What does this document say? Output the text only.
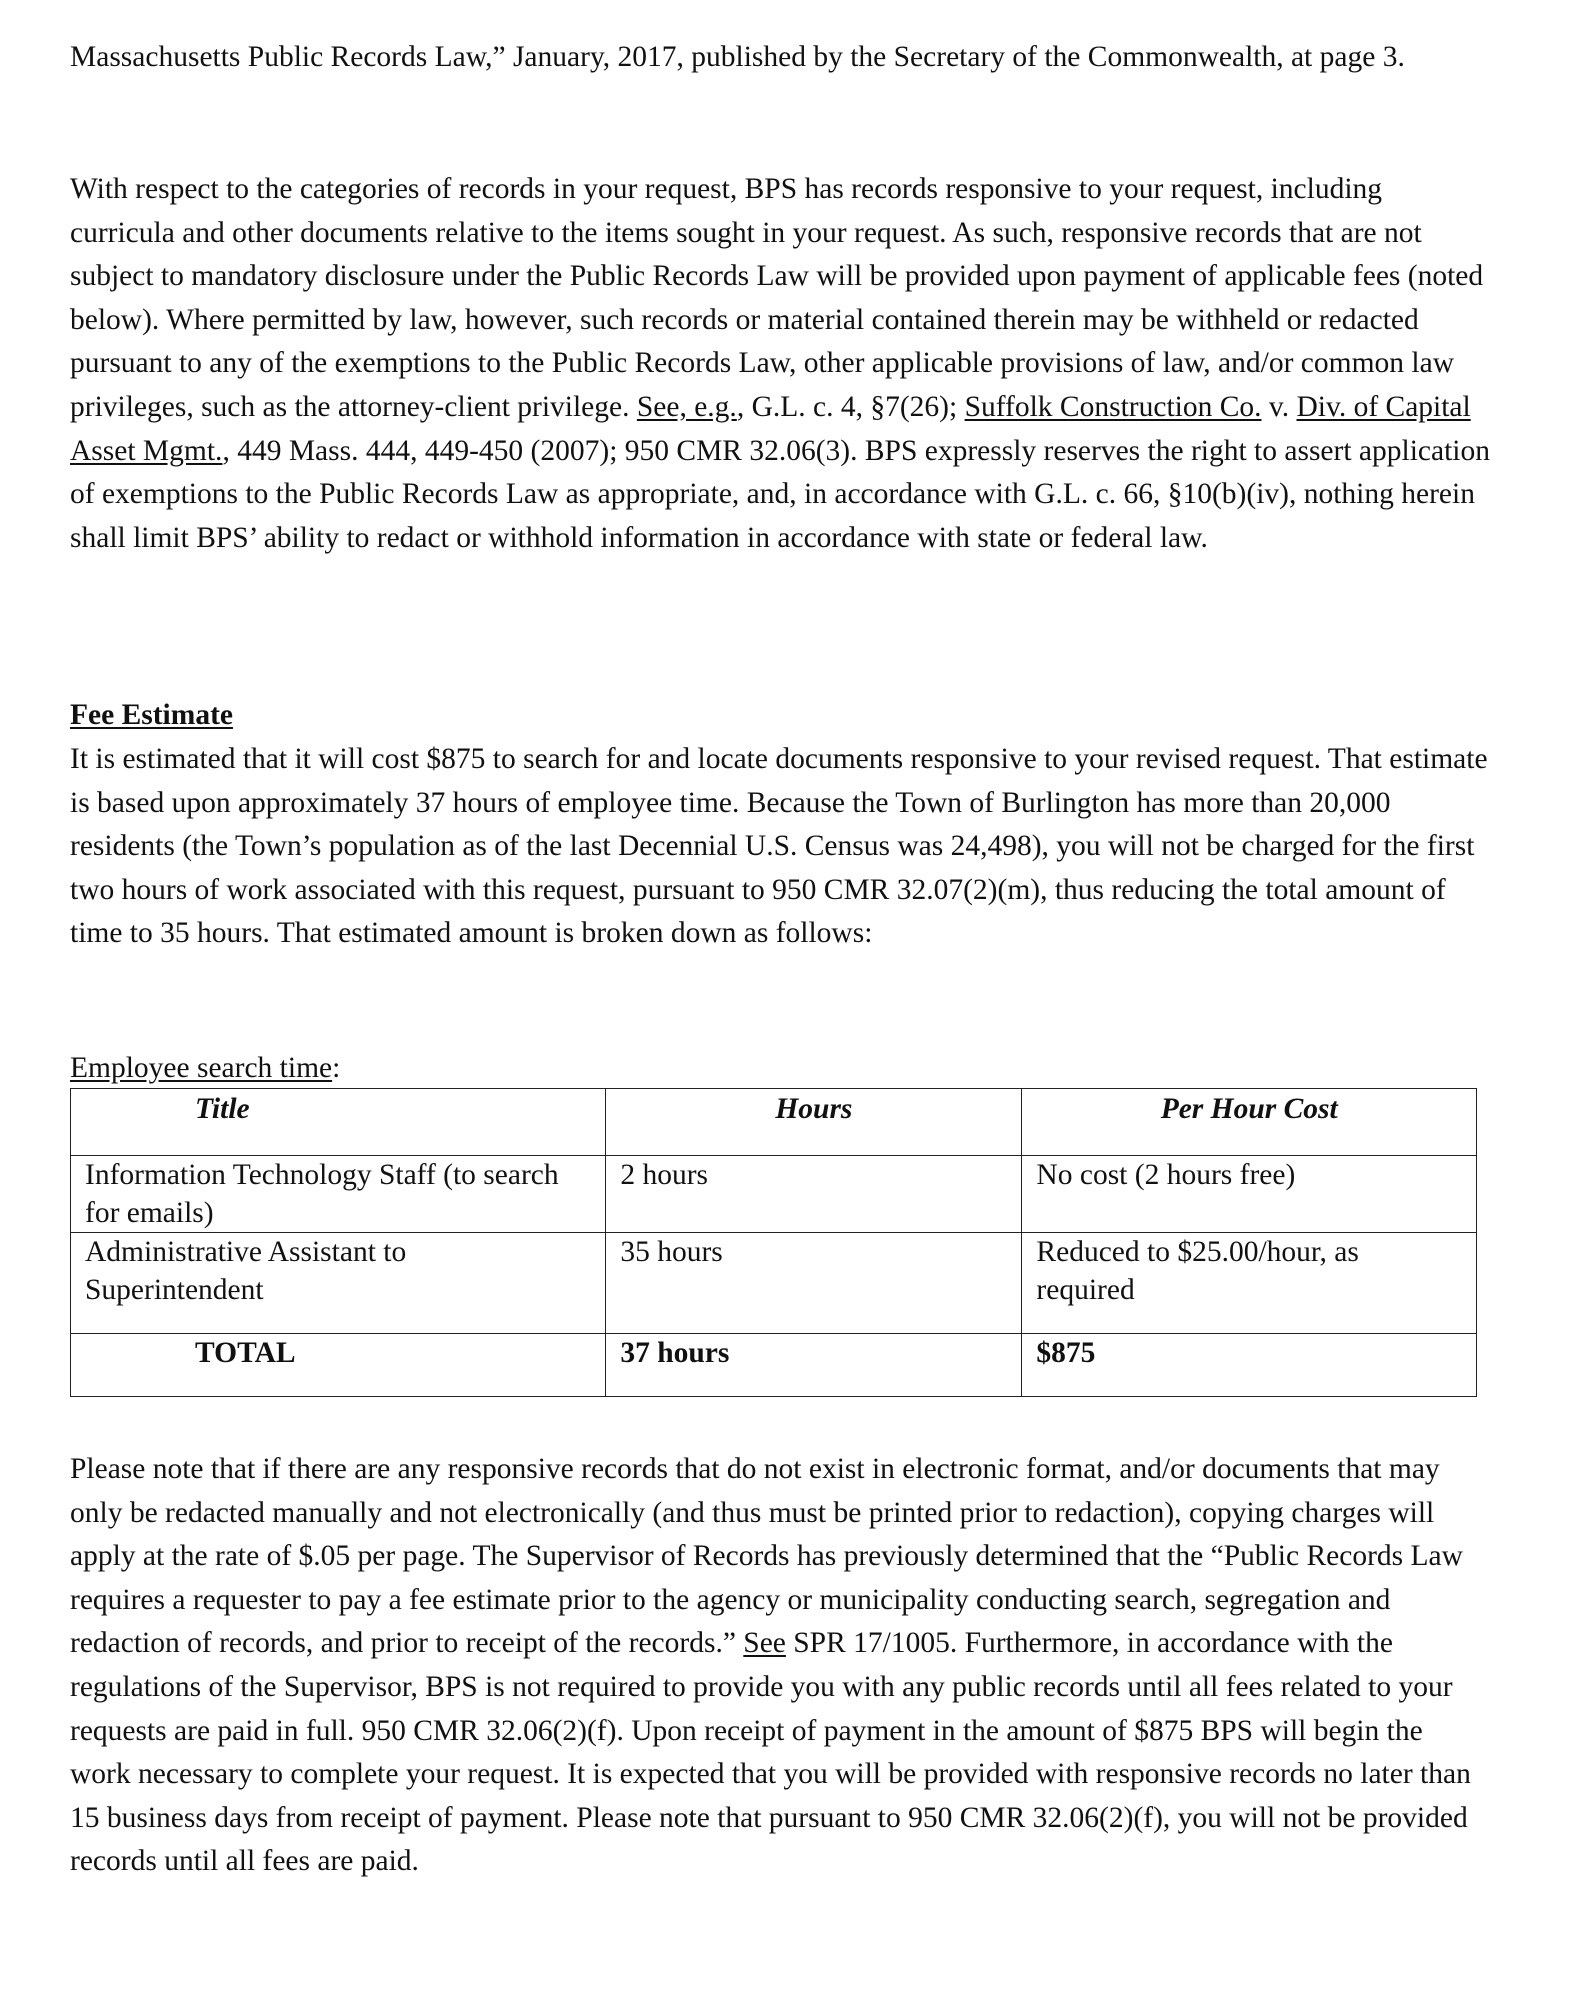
Massachusetts Public Records Law,” January, 2017, published by the Secretary of the Commonwealth, at page 3.

With respect to the categories of records in your request, BPS has records responsive to your request, including curricula and other documents relative to the items sought in your request. As such, responsive records that are not subject to mandatory disclosure under the Public Records Law will be provided upon payment of applicable fees (noted below). Where permitted by law, however, such records or material contained therein may be withheld or redacted pursuant to any of the exemptions to the Public Records Law, other applicable provisions of law, and/or common law privileges, such as the attorney-client privilege. See, e.g., G.L. c. 4, §7(26); Suffolk Construction Co. v. Div. of Capital Asset Mgmt., 449 Mass. 444, 449-450 (2007); 950 CMR 32.06(3). BPS expressly reserves the right to assert application of exemptions to the Public Records Law as appropriate, and, in accordance with G.L. c. 66, §10(b)(iv), nothing herein shall limit BPS’ ability to redact or withhold information in accordance with state or federal law.

Fee Estimate

It is estimated that it will cost $875 to search for and locate documents responsive to your revised request. That estimate is based upon approximately 37 hours of employee time. Because the Town of Burlington has more than 20,000 residents (the Town’s population as of the last Decennial U.S. Census was 24,498), you will not be charged for the first two hours of work associated with this request, pursuant to 950 CMR 32.07(2)(m), thus reducing the total amount of time to 35 hours. That estimated amount is broken down as follows:

Employee search time:

Title	Hours	Per Hour Cost
Information Technology Staff (to search for emails)	2 hours	No cost (2 hours free)
Administrative Assistant to Superintendent	35 hours	Reduced to $25.00/hour, as required
TOTAL	37 hours	$875

Please note that if there are any responsive records that do not exist in electronic format, and/or documents that may only be redacted manually and not electronically (and thus must be printed prior to redaction), copying charges will apply at the rate of $.05 per page. The Supervisor of Records has previously determined that the “Public Records Law requires a requester to pay a fee estimate prior to the agency or municipality conducting search, segregation and redaction of records, and prior to receipt of the records.” See SPR 17/1005. Furthermore, in accordance with the regulations of the Supervisor, BPS is not required to provide you with any public records until all fees related to your requests are paid in full. 950 CMR 32.06(2)(f). Upon receipt of payment in the amount of $875 BPS will begin the work necessary to complete your request. It is expected that you will be provided with responsive records no later than 15 business days from receipt of payment. Please note that pursuant to 950 CMR 32.06(2)(f), you will not be provided records until all fees are paid.
